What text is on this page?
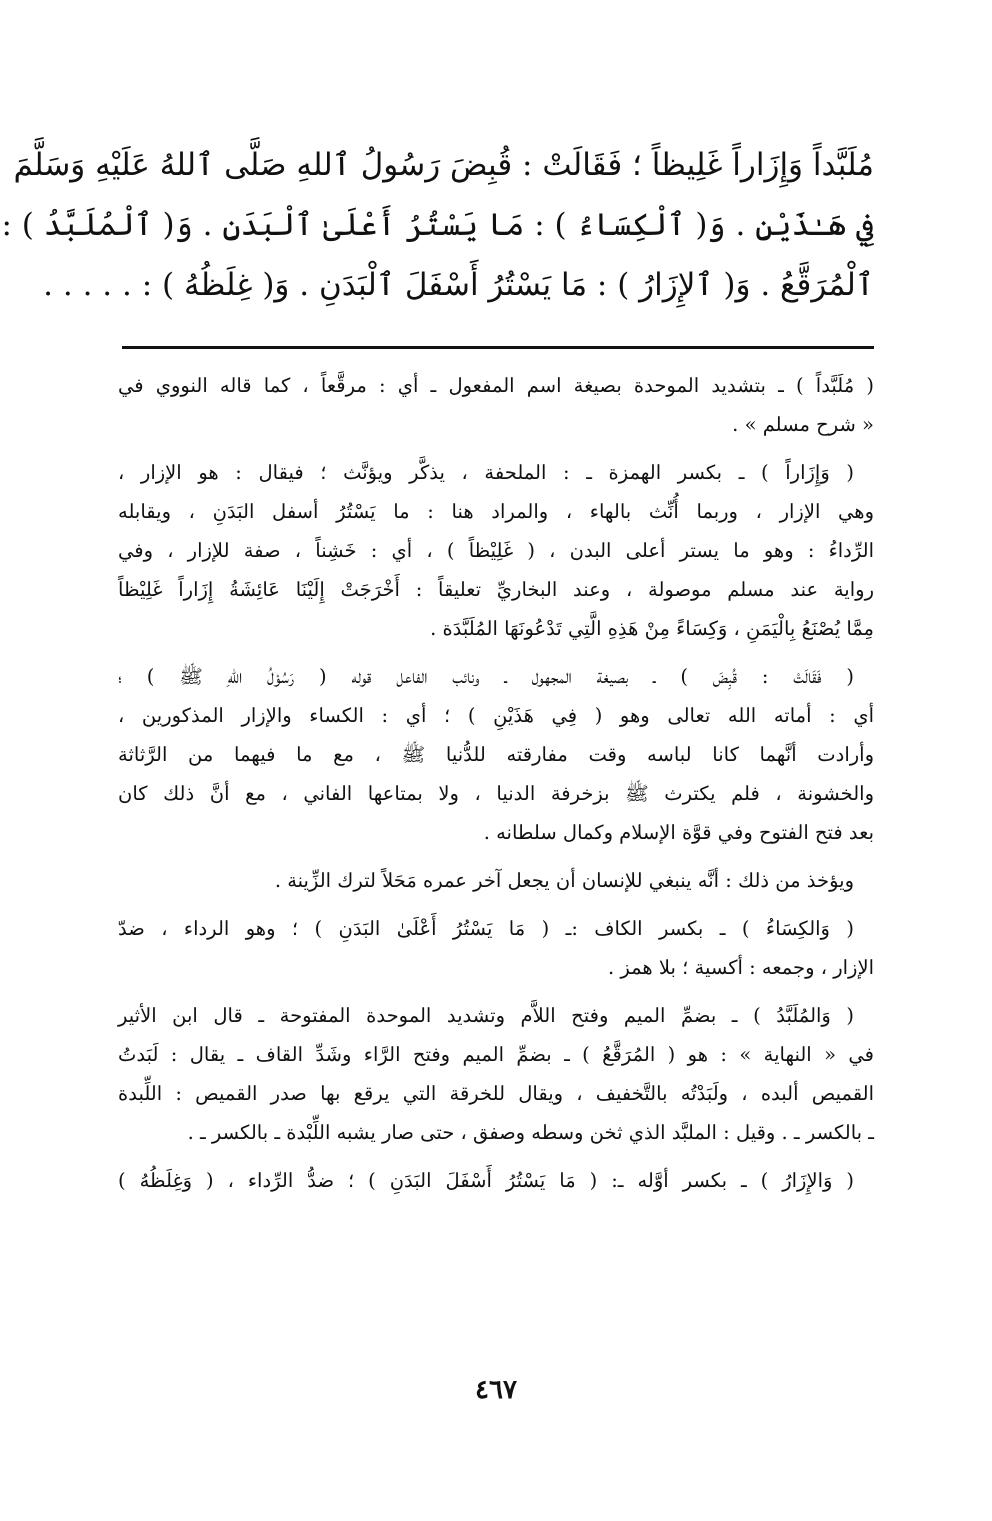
مُلَبَّداً وَإِزَاراً غَلِيظاً ؛ فَقَالَتْ : قُبِضَ رَسُولُ ٱللهِ صَلَّى ٱللهُ عَلَيْهِ وَسَلَّمَ
فِي هَـٰذَيْنِ . وَ( ٱلْكِسَاءُ ) : مَا يَسْتُرُ أَعْلَىٰ ٱلْبَدَنِ . وَ( ٱلْمُلَبَّدُ ) :
ٱلْمُرَقَّعُ . وَ( ٱلإِزَارُ ) : مَا يَسْتُرُ أَسْفَلَ ٱلْبَدَنِ . وَ( غِلَظُهُ ) : . . . . .
( مُلَبَّداً ) ـ بتشديد الموحدة بصيغة اسم المفعول ـ أي : مرقَّعاً ، كما قاله النووي في
« شرح مسلم » .
( وَإِزَاراً ) ـ بكسر الهمزة ـ : الملحفة ، يذكَّر ويؤنَّث ؛ فيقال : هو الإزار ،
وهي الإزار ، وربما أُنِّث بالهاء ، والمراد هنا : ما يَسْتُرُ أسفل البَدَنِ ، ويقابله
الرِّداءُ : وهو ما يستر أعلى البدن ، ( غَلِيْظاً ) ، أي : خَشِناً ، صفة للإزار ، وفي
رواية عند مسلم موصولة ، وعند البخاريِّ تعليقاً : أَخْرَجَتْ إِلَيْنَا عَائِشَةُ إِزَاراً غَلِيْظاً
مِمَّا يُصْنَعُ بِالْيَمَنِ ، وَكِسَاءً مِنْ هَذِهِ الَّتِي تَدْعُونَهَا المُلَبَّدَة .
( فَقَالَتْ : قُبِضَ ) ـ بصيغة المجهول ـ ونائب الفاعل قوله ( رَسُوْلُ اللهِ ﷺ ) ؛
أي : أماته الله تعالى وهو ( فِي هَذَيْنِ ) ؛ أي : الكساء والإزار المذكورين ،
وأرادت أنَّهما كانا لباسه وقت مفارقته للدُّنيا ﷺ ، مع ما فيهما من الرَّثاثة
والخشونة ، فلم يكترث ﷺ بزخرفة الدنيا ، ولا بمتاعها الفاني ، مع أنَّ ذلك كان
بعد فتح الفتوح وفي قوَّة الإسلام وكمال سلطانه .
ويؤخذ من ذلك : أنَّه ينبغي للإنسان أن يجعل آخر عمره مَحَلاً لترك الزِّينة .
( وَالكِسَاءُ ) ـ بكسر الكاف :ـ ( مَا يَسْتُرُ أَعْلَىٰ البَدَنِ ) ؛ وهو الرداء ، ضدّ
الإزار ، وجمعه : أكسية ؛ بلا همز .
( وَالمُلَبَّدُ ) ـ بضمِّ الميم وفتح اللاَّم وتشديد الموحدة المفتوحة ـ قال ابن الأثير
في « النهاية » : هو ( المُرَقَّعُ ) ـ بضمِّ الميم وفتح الرَّاء وشَدِّ القاف ـ يقال : لَبَدتُ
القميص ألبده ، ولَبَدْتُه بالتَّخفيف ، ويقال للخرقة التي يرقع بها صدر القميص : اللِّبدة
ـ بالكسر ـ . وقيل : الملبَّد الذي ثخن وسطه وصفق ، حتى صار يشبه اللِّبْدة ـ بالكسر ـ .
( وَالإِزَارُ ) ـ بكسر أوَّله ـ: ( مَا يَسْتُرُ أَسْفَلَ البَدَنِ ) ؛ ضدُّ الرِّداء ، ( وَغِلَظُهُ )
٤٦٧
